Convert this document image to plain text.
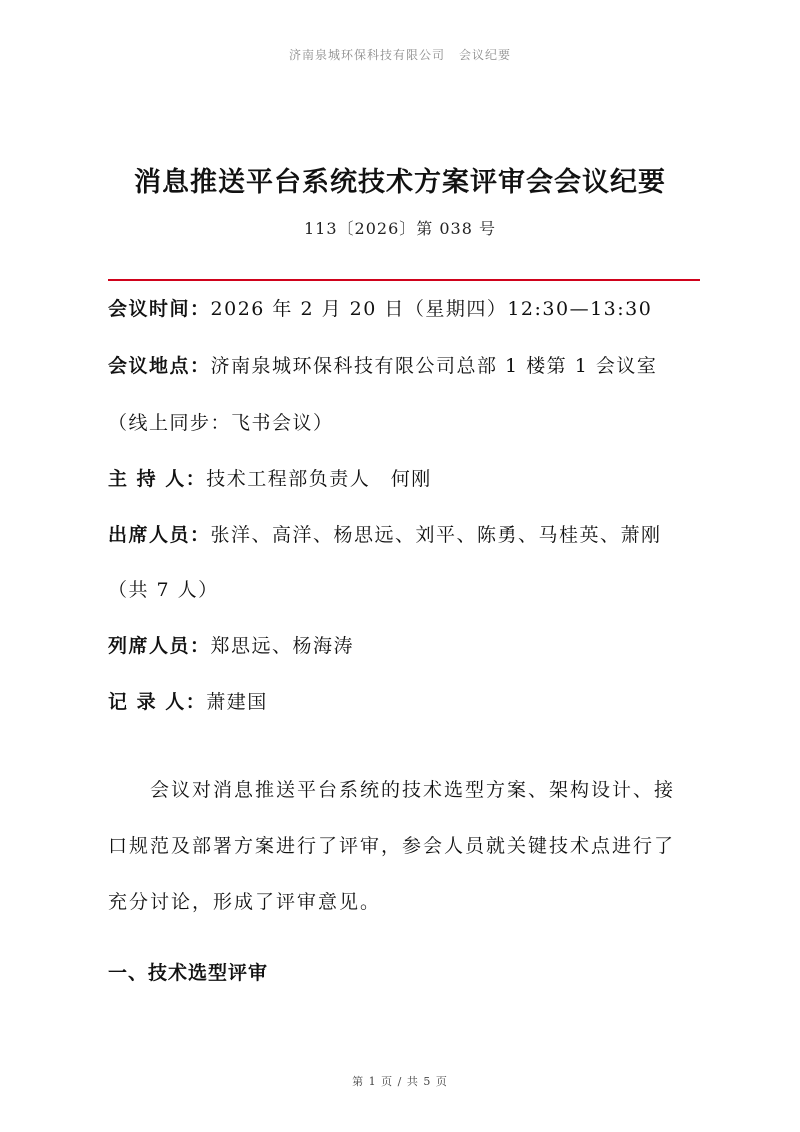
济南泉城环保科技有限公司 会议纪要
消息推送平台系统技术方案评审会会议纪要
113〔2026〕第 038 号
会议时间：2026 年 2 月 20 日（星期四）12:30—13:30
会议地点：济南泉城环保科技有限公司总部 1 楼第 1 会议室
（线上同步：飞书会议）
主 持 人：技术工程部负责人　何刚
出席人员：张洋、高洋、杨思远、刘平、陈勇、马桂英、萧刚
（共 7 人）
列席人员：郑思远、杨海涛
记 录 人：萧建国
　　会议对消息推送平台系统的技术选型方案、架构设计、接
口规范及部署方案进行了评审，参会人员就关键技术点进行了
充分讨论，形成了评审意见。
一、技术选型评审
第 1 页 / 共 5 页
